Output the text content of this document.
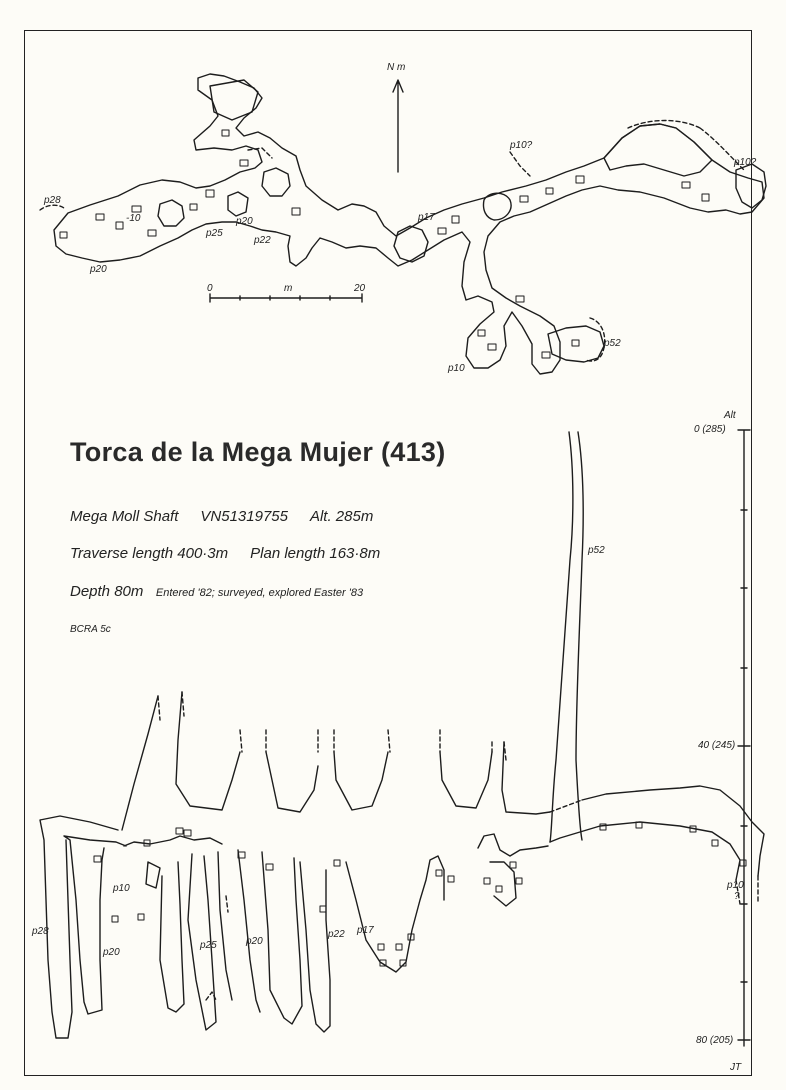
Torca de la Mega Mujer (413)
Mega Moll Shaft VN51319755 Alt. 285m
Traverse length 400·3m Plan length 163·8m
Depth 80m Entered '82; surveyed, explored Easter '83
BCRA 5c
N m
0	m	20
p28
-10
p20
p25
p20
p22
p17
p10?
p10?
p52
p10
p52
p10
p28
p20
p25	p20
p22 p17
p10
?
Alt
0 (285)
40 (245)
80 (205)
JT
